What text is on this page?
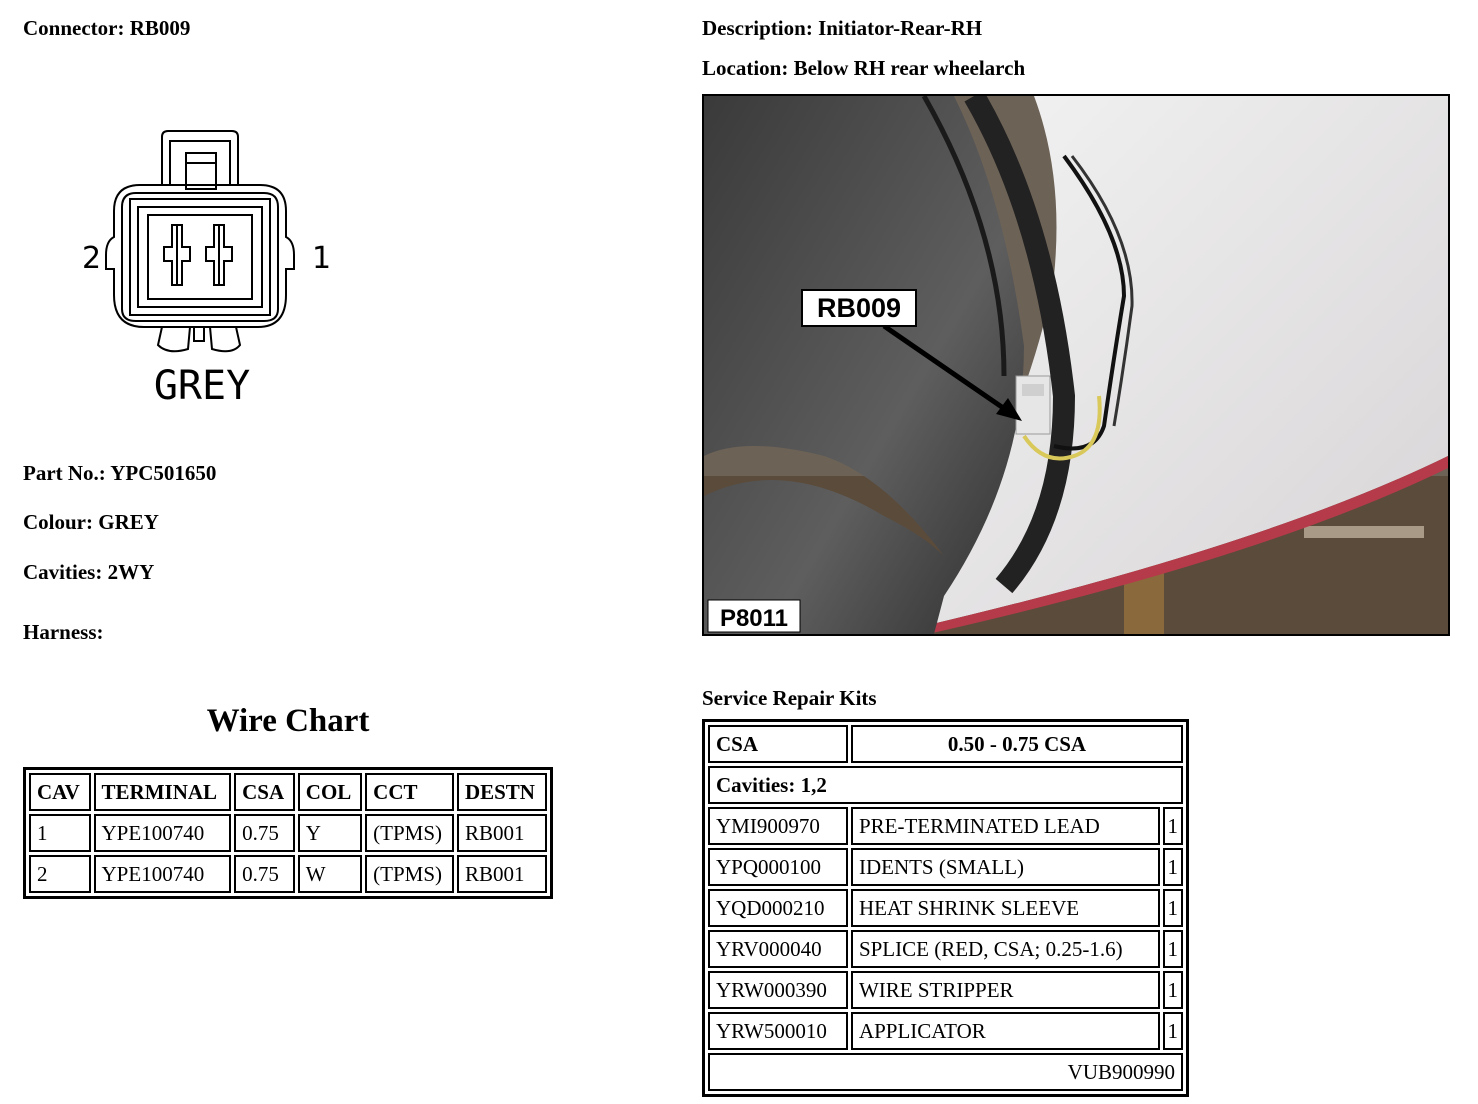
Connector: RB009	Description: Initiator-Rear-RH
Location: Below RH rear wheelarch
2	1
GREY
RB009
P8011
Part No.: YPC501650
Colour: GREY
Cavities: 2WY
Harness:
Wire Chart
CAV	TERMINAL	CSA	COL	CCT	DESTN
1	YPE100740	0.75	Y	(TPMS)	RB001
2	YPE100740	0.75	W	(TPMS)	RB001
Service Repair Kits
CSA	0.50 - 0.75 CSA	
Cavities: 1,2		
YMI900970	PRE-TERMINATED LEAD	1
YPQ000100	IDENTS (SMALL)	1
YQD000210	HEAT SHRINK SLEEVE	1
YRV000040	SPLICE (RED, CSA; 0.25-1.6)	1
YRW000390	WIRE STRIPPER	1
YRW500010	APPLICATOR	1
VUB900990		
